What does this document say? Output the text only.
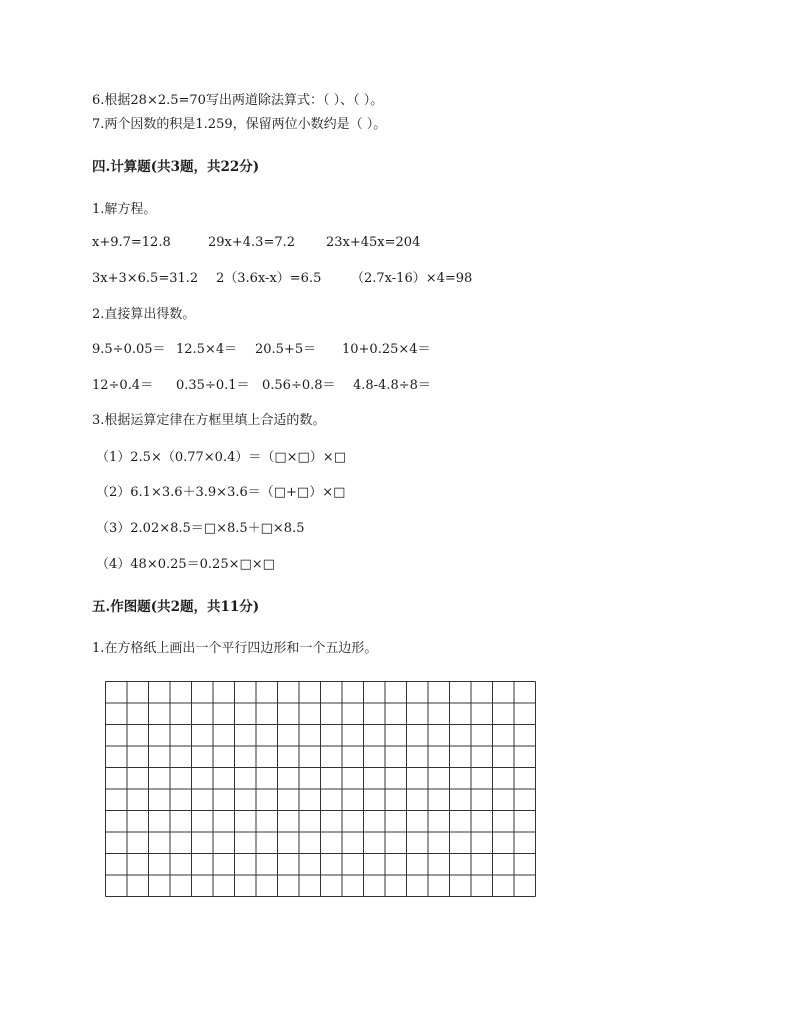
6.根据28×2.5=70写出两道除法算式：（ ）、（ ）。
7.两个因数的积是1.259，保留两位小数约是（ ）。
四.计算题(共3题，共22分)
1.解方程。
x+9.7=12.8	29x+4.3=7.2 23x+45x=204
3x+3×6.5=31.2 2（3.6x-x）=6.5 （2.7x-16）×4=98
2.直接算出得数。
9.5÷0.05＝ 12.5×4＝ 20.5+5＝ 10+0.25×4＝
12÷0.4＝ 0.35÷0.1＝ 0.56÷0.8＝ 4.8-4.8÷8＝
3.根据运算定律在方框里填上合适的数。
（1）2.5×（0.77×0.4）＝（□×□）×□
（2）6.1×3.6＋3.9×3.6＝（□+□）×□
（3）2.02×8.5＝□×8.5＋□×8.5
（4）48×0.25＝0.25×□×□
五.作图题(共2题，共11分)
1.在方格纸上画出一个平行四边形和一个五边形。
